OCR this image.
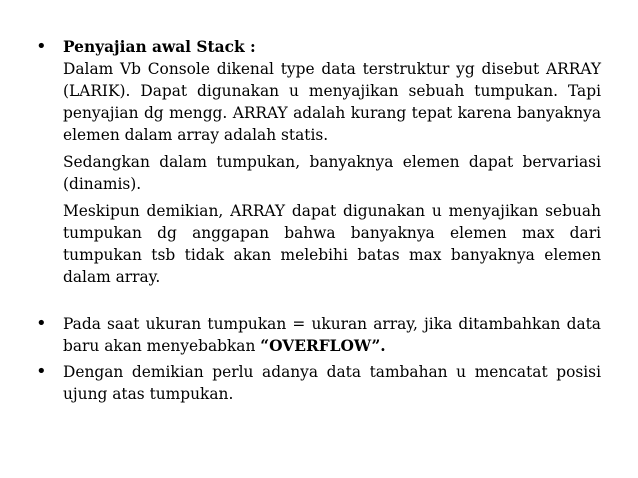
•	Penyajian awal Stack :

Dalam Vb Console dikenal type data terstruktur yg disebut ARRAY (LARIK). Dapat digunakan u menyajikan sebuah tumpukan. Tapi penyajian dg mengg. ARRAY adalah kurang tepat karena banyaknya elemen dalam array adalah statis.

Sedangkan dalam tumpukan, banyaknya elemen dapat bervariasi (dinamis).

Meskipun demikian, ARRAY dapat digunakan u menyajikan sebuah tumpukan dg anggapan bahwa banyaknya elemen max dari tumpukan tsb tidak akan melebihi batas max banyaknya elemen dalam array.

•	Pada saat ukuran tumpukan = ukuran array, jika ditambahkan data baru akan menyebabkan “OVERFLOW”.
•	Dengan demikian perlu adanya data tambahan u mencatat posisi ujung atas tumpukan.
